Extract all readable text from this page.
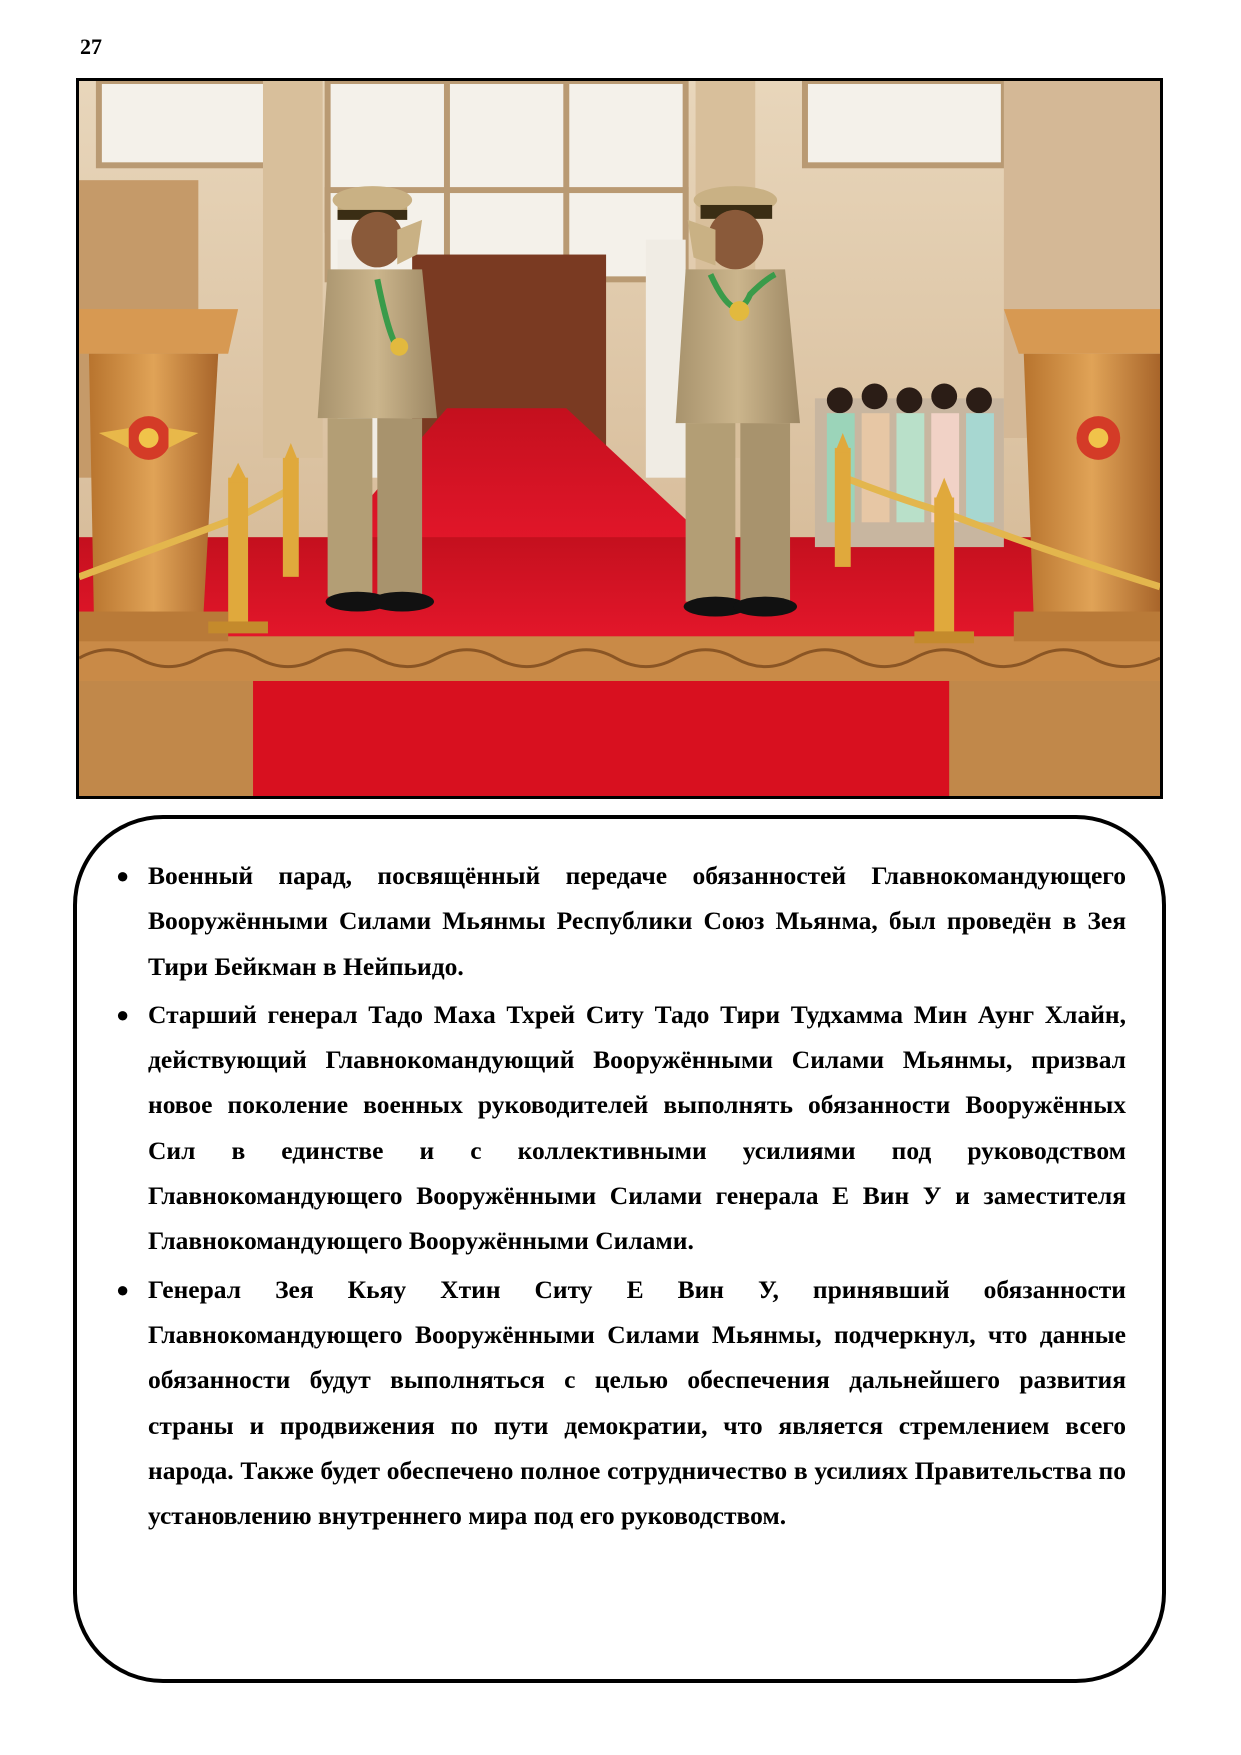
27
● Военный парад, посвящённый передаче обязанностей Главнокомандующего Вооружёнными Силами Мьянмы Республики Союз Мьянма, был проведён в Зея Тири Бейкман в Нейпьидо.
● Старший генерал Тадо Маха Тхрей Ситу Тадо Тири Тудхамма Мин Аунг Хлайн, действующий Главнокомандующий Вооружёнными Силами Мьянмы, призвал новое поколение военных руководителей выполнять обязанности Вооружённых Сил в единстве и с коллективными усилиями под руководством Главнокомандующего Вооружёнными Силами генерала Е Вин У и заместителя Главнокомандующего Вооружёнными Силами.
● Генерал Зея Кьяу Хтин Ситу Е Вин У, принявший обязанности Главнокомандующего Вооружёнными Силами Мьянмы, подчеркнул, что данные обязанности будут выполняться с целью обеспечения дальнейшего развития страны и продвижения по пути демократии, что является стремлением всего народа. Также будет обеспечено полное сотрудничество в усилиях Правительства по установлению внутреннего мира под его руководством.
